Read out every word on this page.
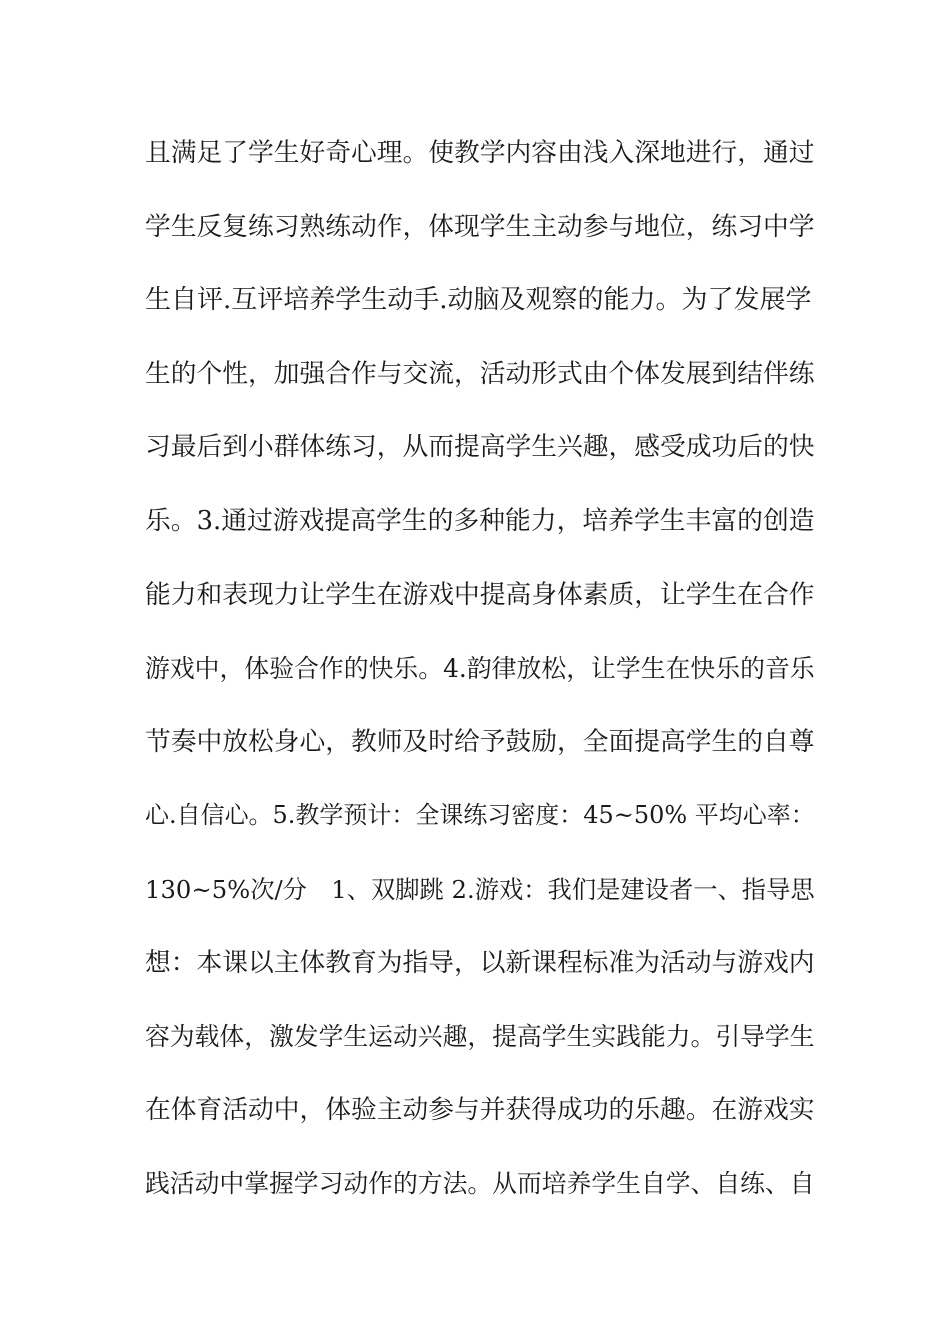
且满足了学生好奇心理。使教学内容由浅入深地进行，通过
学生反复练习熟练动作，体现学生主动参与地位，练习中学
生自评.互评培养学生动手.动脑及观察的能力。为了发展学
生的个性，加强合作与交流，活动形式由个体发展到结伴练
习最后到小群体练习，从而提高学生兴趣，感受成功后的快
乐。3.通过游戏提高学生的多种能力，培养学生丰富的创造
能力和表现力让学生在游戏中提高身体素质，让学生在合作
游戏中，体验合作的快乐。4.韵律放松，让学生在快乐的音乐
节奏中放松身心，教师及时给予鼓励，全面提高学生的自尊
心.自信心。5.教学预计：全课练习密度：45~50% 平均心率：
130~5%次/分　1、双脚跳 2.游戏：我们是建设者一、指导思
想：本课以主体教育为指导，以新课程标准为活动与游戏内
容为载体，激发学生运动兴趣，提高学生实践能力。引导学生
在体育活动中，体验主动参与并获得成功的乐趣。在游戏实
践活动中掌握学习动作的方法。从而培养学生自学、自练、自
